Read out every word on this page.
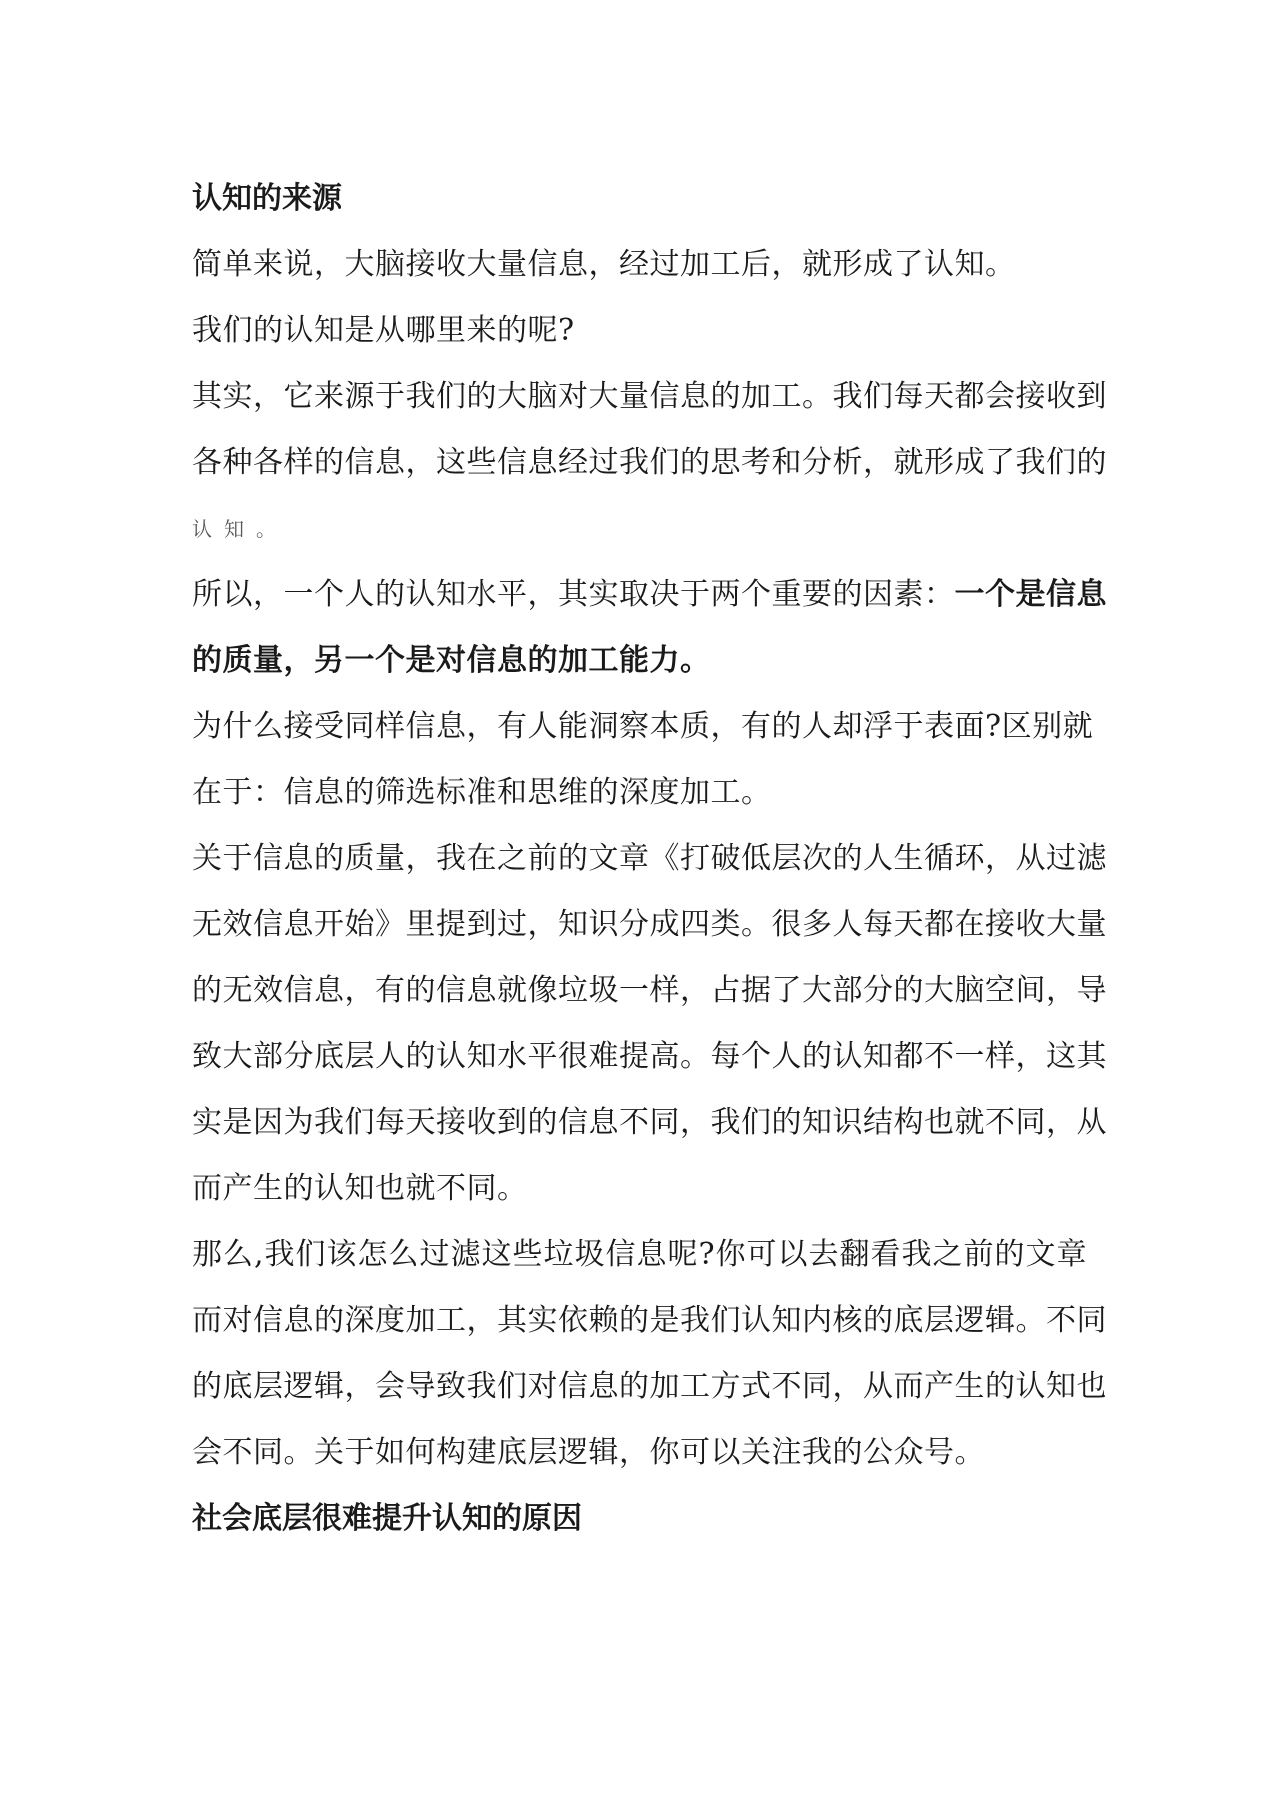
认知的来源
简单来说，大脑接收大量信息，经过加工后，就形成了认知。
我们的认知是从哪里来的呢?
其实，它来源于我们的大脑对大量信息的加工。我们每天都会接收到
各种各样的信息，这些信息经过我们的思考和分析，就形成了我们的
认知。
所以，一个人的认知水平，其实取决于两个重要的因素：一个是信息
的质量，另一个是对信息的加工能力。
为什么接受同样信息，有人能洞察本质，有的人却浮于表面?区别就
在于：信息的筛选标准和思维的深度加工。
关于信息的质量，我在之前的文章《打破低层次的人生循环，从过滤
无效信息开始》里提到过，知识分成四类。很多人每天都在接收大量
的无效信息，有的信息就像垃圾一样，占据了大部分的大脑空间，导
致大部分底层人的认知水平很难提高。每个人的认知都不一样，这其
实是因为我们每天接收到的信息不同，我们的知识结构也就不同，从
而产生的认知也就不同。
那么,我们该怎么过滤这些垃圾信息呢?你可以去翻看我之前的文章
而对信息的深度加工，其实依赖的是我们认知内核的底层逻辑。不同
的底层逻辑，会导致我们对信息的加工方式不同，从而产生的认知也
会不同。关于如何构建底层逻辑，你可以关注我的公众号。
社会底层很难提升认知的原因
